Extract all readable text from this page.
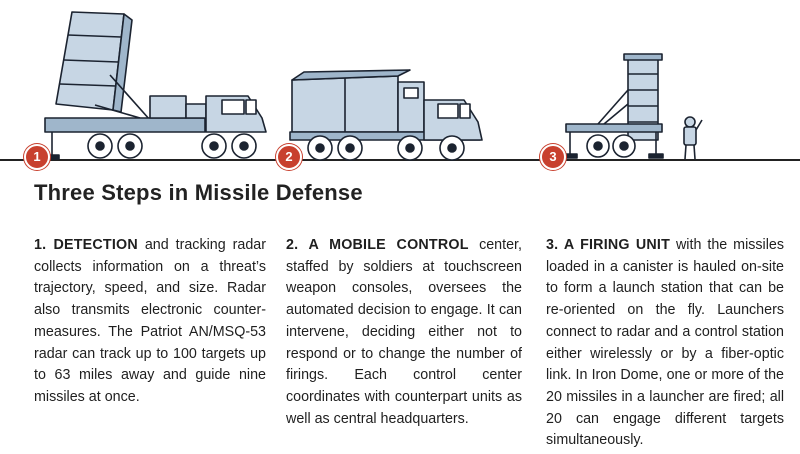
1	2	3
Three Steps in Missile Defense
1. DETECTION and tracking radar collects information on a threat’s trajectory, speed, and size. Radar also transmits electronic countermeasures. The Patriot AN/MSQ-53 radar can track up to 100 targets up to 63 miles away and guide nine missiles at once.
2. A MOBILE CONTROL center, staffed by soldiers at touchscreen weapon consoles, oversees the automated decision to engage. It can intervene, deciding either not to respond or to change the number of firings. Each control center coordinates with counterpart units as well as central headquarters.
3. A FIRING UNIT with the missiles loaded in a canister is hauled on-site to form a launch station that can be re-oriented on the fly. Launchers connect to radar and a control station either wirelessly or by a fiber-optic link. In Iron Dome, one or more of the 20 missiles in a launcher are fired; all 20 can engage different targets simultaneously.
